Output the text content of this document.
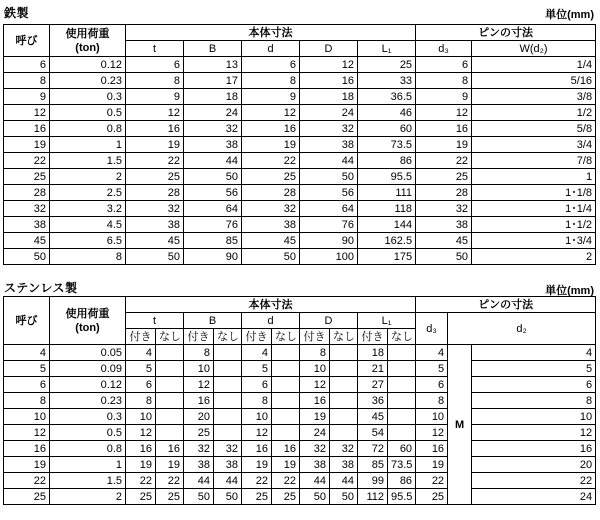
鉄製	単位(mm)
呼び	使用荷重
(ton)	本体寸法					ピンの寸法	
		t	B	d	D	L₁	d₃	W(d₂)
6	0.12	6	13	6	12	25	6	1/4
8	0.23	8	17	8	16	33	8	5/16
9	0.3	9	18	9	18	36.5	9	3/8
12	0.5	12	24	12	24	46	12	1/2
16	0.8	16	32	16	32	60	16	5/8
19	1	19	38	19	38	73.5	19	3/4
22	1.5	22	44	22	44	86	22	7/8
25	2	25	50	25	50	95.5	25	1
28	2.5	28	56	28	56	111	28	1･1/8
32	3.2	32	64	32	64	118	32	1･1/4
38	4.5	38	76	38	76	144	38	1･1/2
45	6.5	45	85	45	90	162.5	45	1･3/4
50	8	50	90	50	100	175	50	2
ステンレス製	単位(mm)
呼び	使用荷重
(ton)	本体寸法										ピンの寸法		
		t		B		d		D		L₁		d₃	d₂	
		付き	なし	付き	なし	付き	なし	付き	なし	付き	なし			
4	0.05	4		8		4		8		18		4	M	4
5	0.09	5		10		5		10		21		5		5
6	0.12	6		12		6		12		27		6		6
8	0.23	8		16		8		16		36		8		8
10	0.3	10		20		10		19		45		10		10
12	0.5	12		25		12		24		54		12		12
16	0.8	16	16	32	32	16	16	32	32	72	60	16		16
19	1	19	19	38	38	19	19	38	38	85	73.5	19		20
22	1.5	22	22	44	44	22	22	44	44	99	86	22		22
25	2	25	25	50	50	25	25	50	50	112	95.5	25		24
